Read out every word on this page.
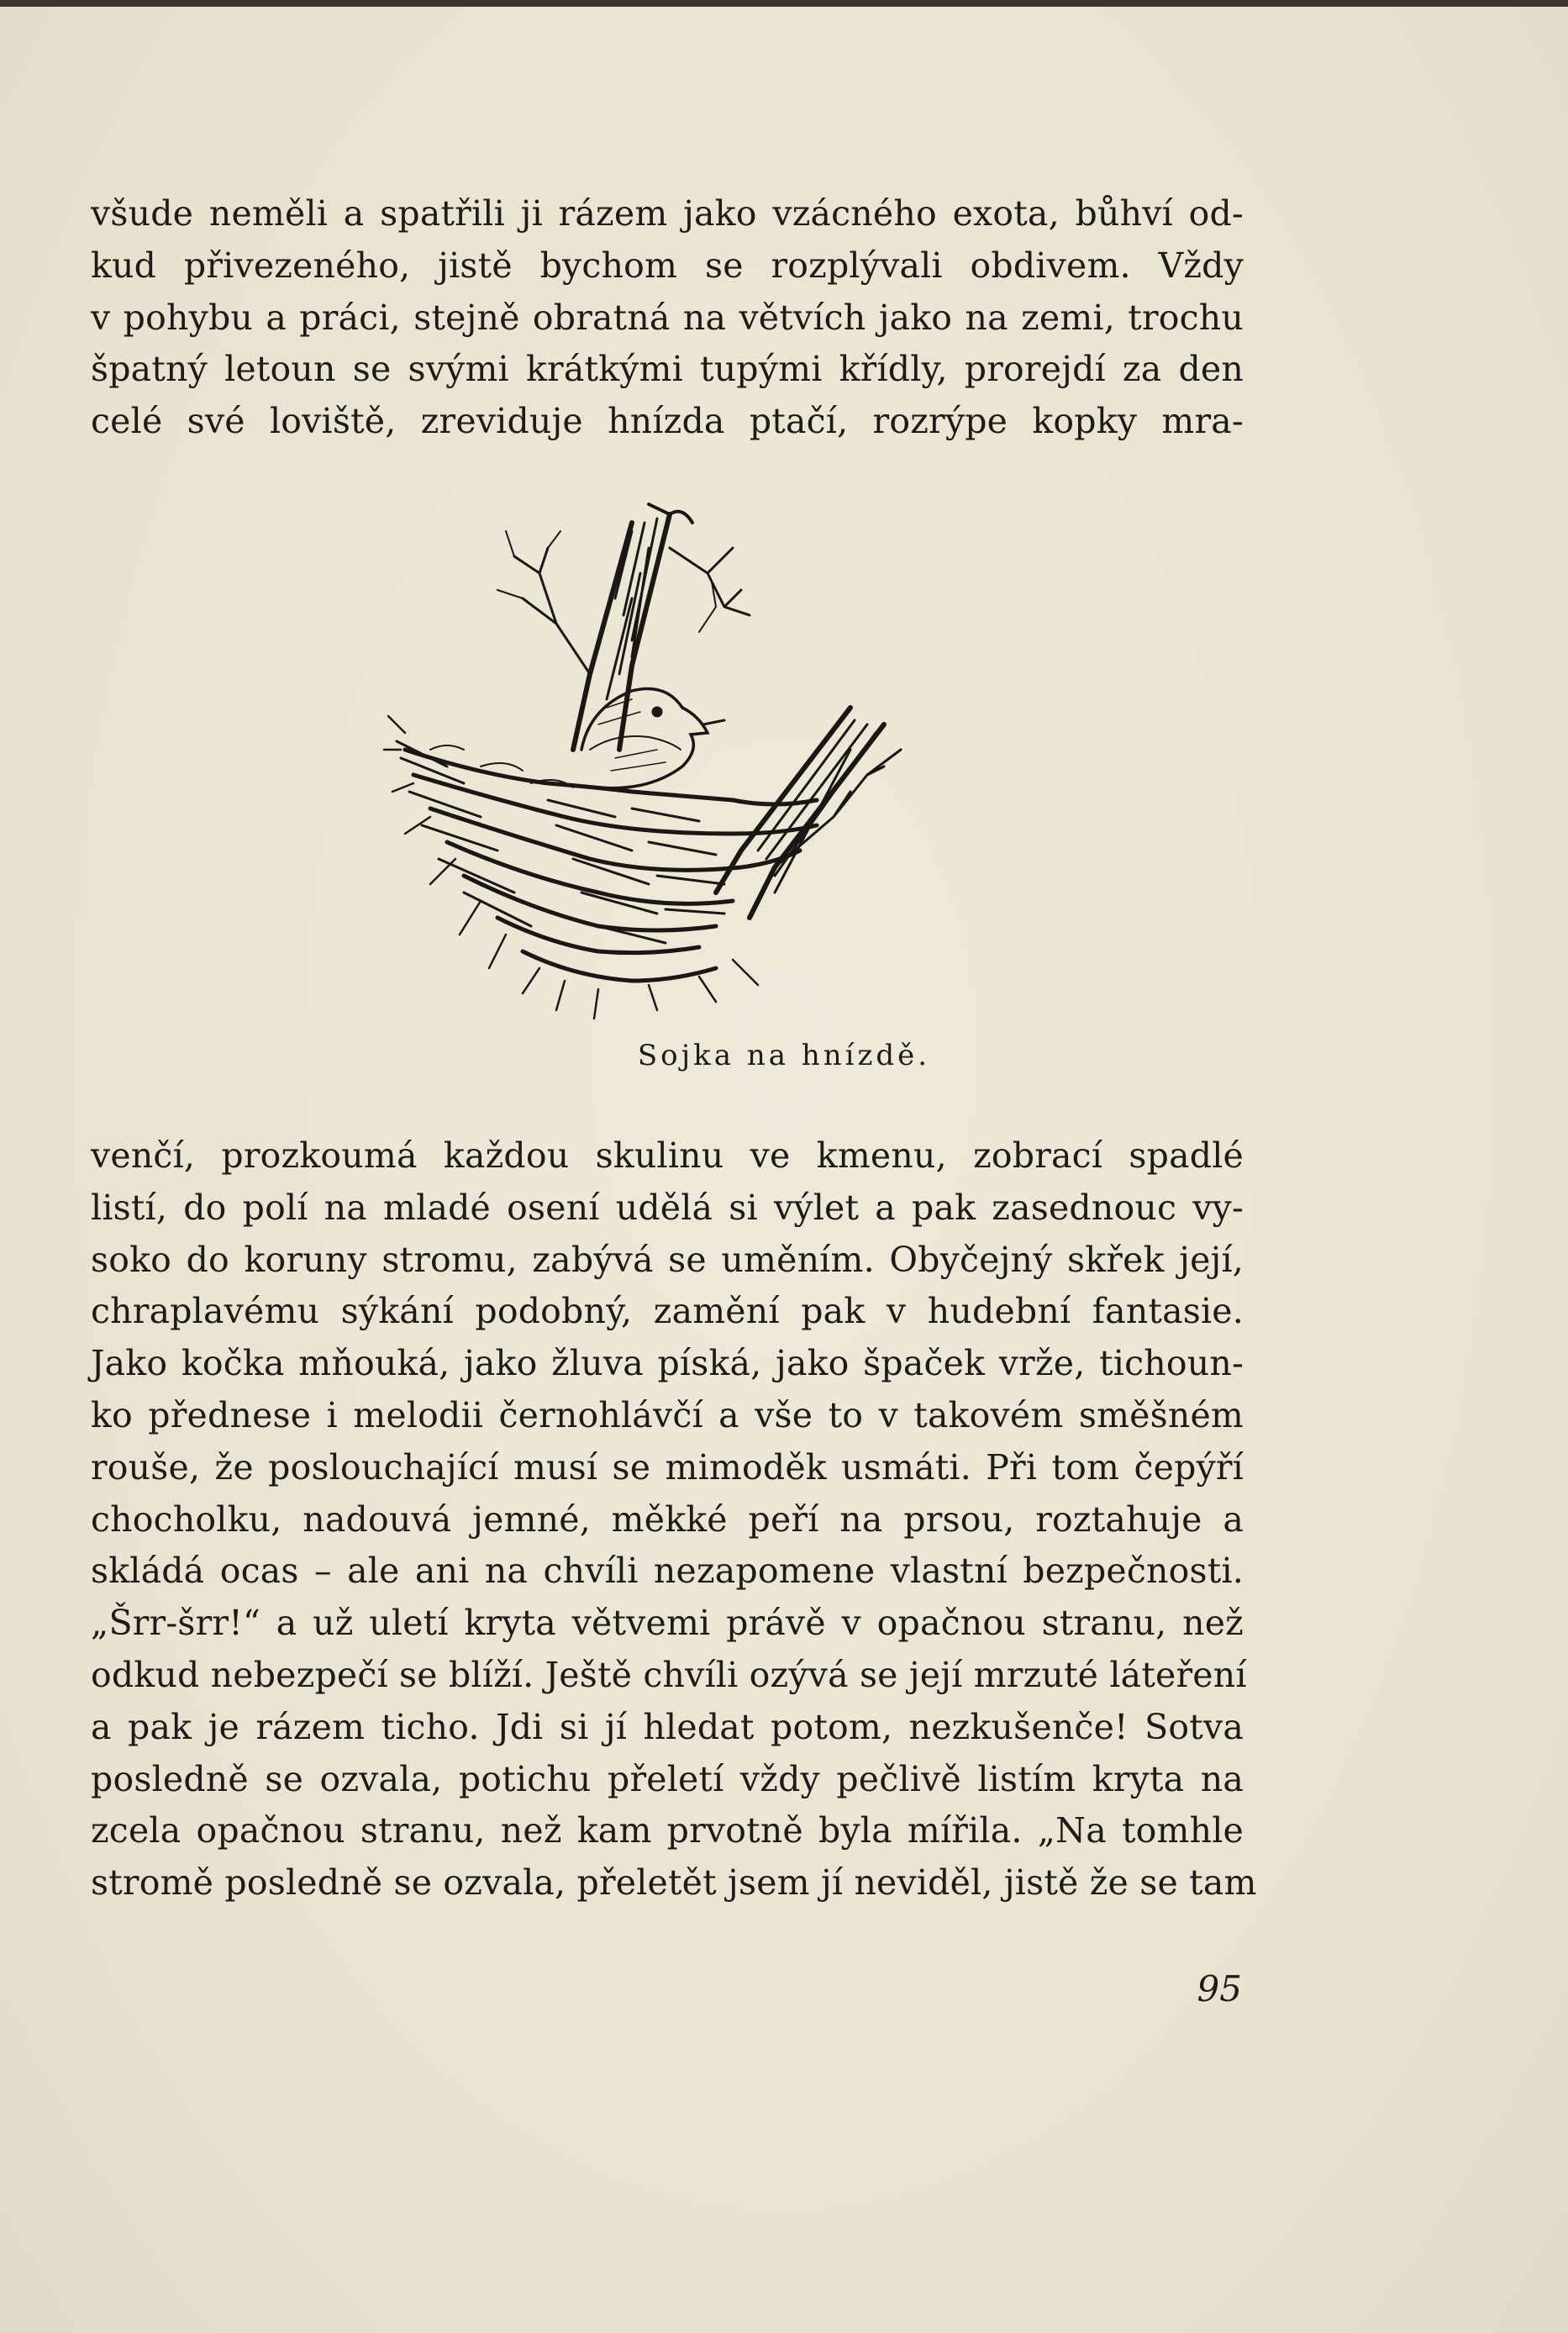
všude neměli a spatřili ji rázem jako vzácného exota, bůhví od-
kud přivezeného, jistě bychom se rozplývali obdivem. Vždy
v pohybu a práci, stejně obratná na větvích jako na zemi, trochu
špatný letoun se svými krátkými tupými křídly, prorejdí za den
celé své loviště, zreviduje hnízda ptačí, rozrýpe kopky mra-
Sojka na hnízdě.
venčí, prozkoumá každou skulinu ve kmenu, zobrací spadlé
listí, do polí na mladé osení udělá si výlet a pak zasednouc vy-
soko do koruny stromu, zabývá se uměním. Obyčejný skřek její,
chraplavému sýkání podobný, zamění pak v hudební fantasie.
Jako kočka mňouká, jako žluva píská, jako špaček vrže, tichoun-
ko přednese i melodii černohlávčí a vše to v takovém směšném
rouše, že poslouchající musí se mimoděk usmáti. Při tom čepýří
chocholku, nadouvá jemné, měkké peří na prsou, roztahuje a
skládá ocas – ale ani na chvíli nezapomene vlastní bezpečnosti.
„Šrr-šrr!“ a už uletí kryta větvemi právě v opačnou stranu, než
odkud nebezpečí se blíží. Ještě chvíli ozývá se její mrzuté láteření
a pak je rázem ticho. Jdi si jí hledat potom, nezkušenče! Sotva
posledně se ozvala, potichu přeletí vždy pečlivě listím kryta na
zcela opačnou stranu, než kam prvotně byla mířila. „Na tomhle
stromě posledně se ozvala, přeletět jsem jí neviděl, jistě že se tam
95
